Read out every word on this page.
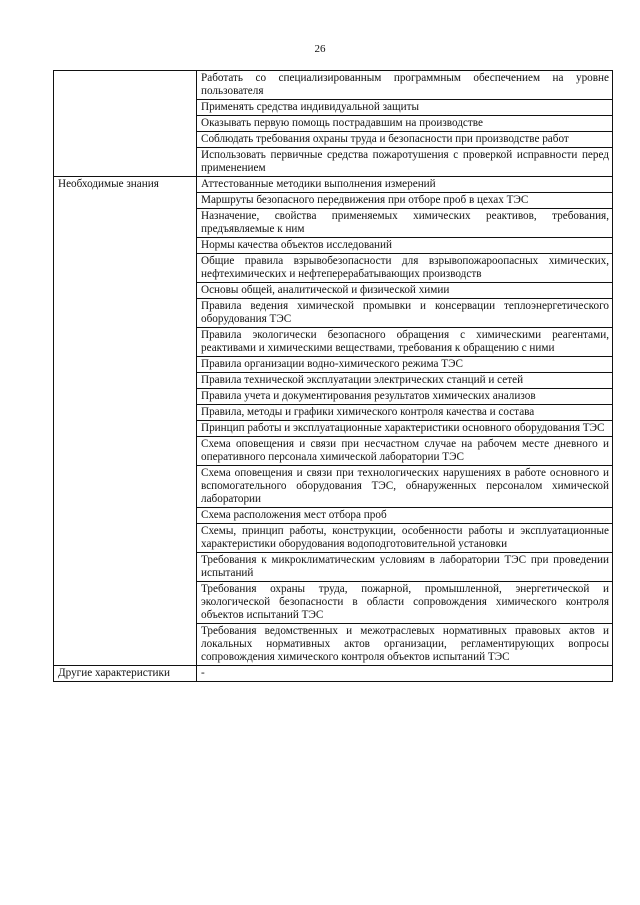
26
	Работать со специализированным программным обеспечением на уровне пользователя
	Применять средства индивидуальной защиты
	Оказывать первую помощь пострадавшим на производстве
	Соблюдать требования охраны труда и безопасности при производстве работ
	Использовать первичные средства пожаротушения с проверкой исправности перед применением
Необходимые знания	Аттестованные методики выполнения измерений
	Маршруты безопасного передвижения при отборе проб в цехах ТЭС
	Назначение, свойства применяемых химических реактивов, требования, предъявляемые к ним
	Нормы качества объектов исследований
	Общие правила взрывобезопасности для взрывопожароопасных химических, нефтехимических и нефтеперерабатывающих производств
	Основы общей, аналитической и физической химии
	Правила ведения химической промывки и консервации теплоэнергетического оборудования ТЭС
	Правила экологически безопасного обращения с химическими реагентами, реактивами и химическими веществами, требования к обращению с ними
	Правила организации водно-химического режима ТЭС
	Правила технической эксплуатации электрических станций и сетей
	Правила учета и документирования результатов химических анализов
	Правила, методы и графики химического контроля качества и состава
	Принцип работы и эксплуатационные характеристики основного оборудования ТЭС
	Схема оповещения и связи при несчастном случае на рабочем месте дневного и оперативного персонала химической лаборатории ТЭС
	Схема оповещения и связи при технологических нарушениях в работе основного и вспомогательного оборудования ТЭС, обнаруженных персоналом химической лаборатории
	Схема расположения мест отбора проб
	Схемы, принцип работы, конструкции, особенности работы и эксплуатационные характеристики оборудования водоподготовительной установки
	Требования к микроклиматическим условиям в лаборатории ТЭС при проведении испытаний
	Требования охраны труда, пожарной, промышленной, энергетической и экологической безопасности в области сопровождения химического контроля объектов испытаний ТЭС
	Требования ведомственных и межотраслевых нормативных правовых актов и локальных нормативных актов организации, регламентирующих вопросы сопровождения химического контроля объектов испытаний ТЭС
Другие характеристики	-
